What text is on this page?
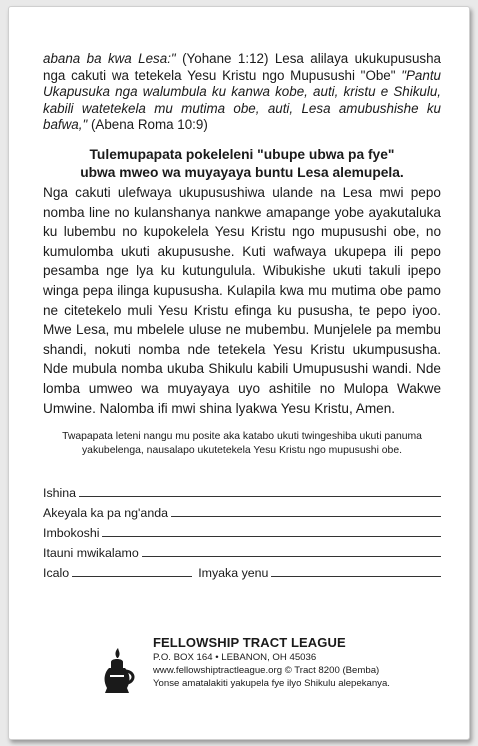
abana ba kwa Lesa:" (Yohane 1:12) Lesa alilaya ukukupususha nga cakuti wa tetekela Yesu Kristu ngo Mupusushi "Obe" "Pantu Ukapusuka nga walumbula ku kanwa kobe, auti, kristu e Shikulu, kabili watetekela mu mutima obe, auti, Lesa amubushishe ku bafwa," (Abena Roma 10:9)

Tulemupapata pokeleleni "ubupe ubwa pa fye"
ubwa mweo wa muyayaya buntu Lesa alemupela.

Nga cakuti ulefwaya ukupusushiwa ulande na Lesa mwi pepo nomba line no kulanshanya nankwe amapange yobe ayakutaluka ku lubembu no kupokelela Yesu Kristu ngo mupusushi obe, no kumulomba ukuti akupusushe. Kuti wafwaya ukupepa ili pepo pesamba nge lya ku kutungulula. Wibukishe ukuti takuli ipepo winga pepa ilinga kupususha. Kulapila kwa mu mutima obe pamo ne citetekelo muli Yesu Kristu efinga ku pususha, te pepo iyoo. Mwe Lesa, mu mbelele uluse ne mubembu. Munjelele pa membu shandi, nokuti nomba nde tetekela Yesu Kristu ukumpususha. Nde mubula nomba ukuba Shikulu kabili Umupusushi wandi. Nde lomba umweo wa muyayaya uyo ashitile no Mulopa Wakwe Umwine. Nalomba ifi mwi shina lyakwa Yesu Kristu, Amen.

Twapapata leteni nangu mu posite aka katabo ukuti twingeshiba ukuti panuma yakubelenga, nausalapo ukutetekela Yesu Kristu ngo mupusushi obe.

Ishina
Akeyala ka pa ng'anda
Imbokoshi
Itauni mwikalamo
Icalo	Imyaka yenu
FELLOWSHIP TRACT LEAGUE
P.O. BOX 164 • LEBANON, OH 45036
www.fellowshiptractleague.org © Tract 8200 (Bemba)
Yonse amatalakiti yakupela fye ilyo Shikulu alepekanya.
